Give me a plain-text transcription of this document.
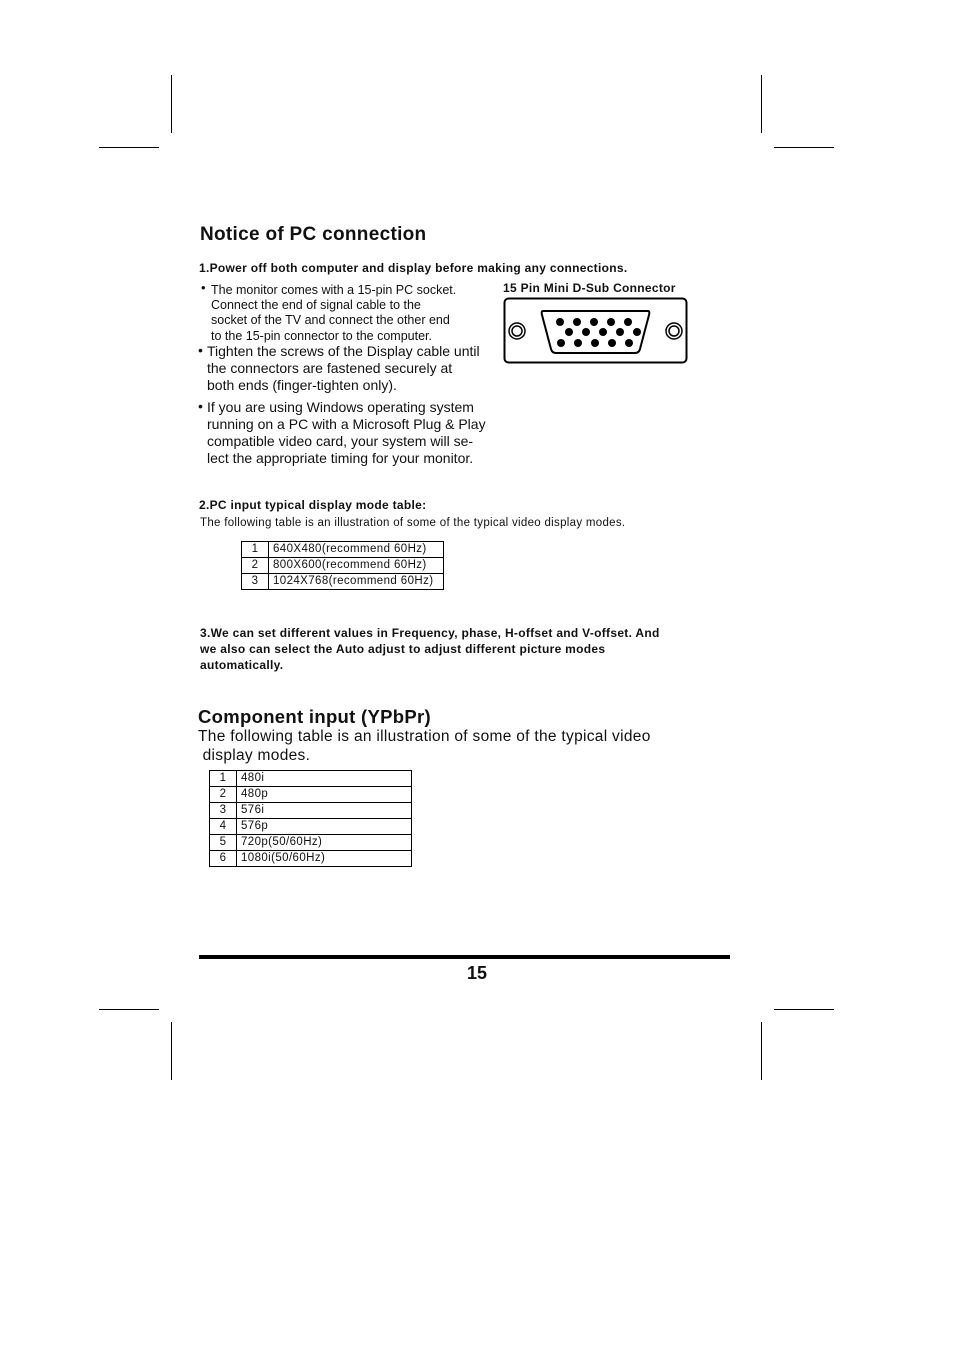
Notice of PC connection
1.Power off both computer and display before making any connections.
• The monitor comes with a 15-pin PC socket.
Connect the end of signal cable to the
socket of the TV and connect the other end
to the 15-pin connector to the computer.
• Tighten the screws of the Display cable until
the connectors are fastened securely at
both ends (finger-tighten only).
• If you are using Windows operating system
running on a PC with a Microsoft Plug & Play
compatible video card, your system will se-
lect the appropriate timing for your monitor.
15 Pin Mini D-Sub Connector
2.PC input typical display mode table:
The following table is an illustration of some of the typical video display modes.
1	640X480(recommend 60Hz)
2	800X600(recommend 60Hz)
3	1024X768(recommend 60Hz)
3.We can set different values in Frequency, phase, H-offset and V-offset. And
we also can select the Auto adjust to adjust different picture modes
automatically.
Component input (YPbPr)
The following table is an illustration of some of the typical video
display modes.
1	480i
2	480p
3	576i
4	576p
5	720p(50/60Hz)
6	1080i(50/60Hz)
15
